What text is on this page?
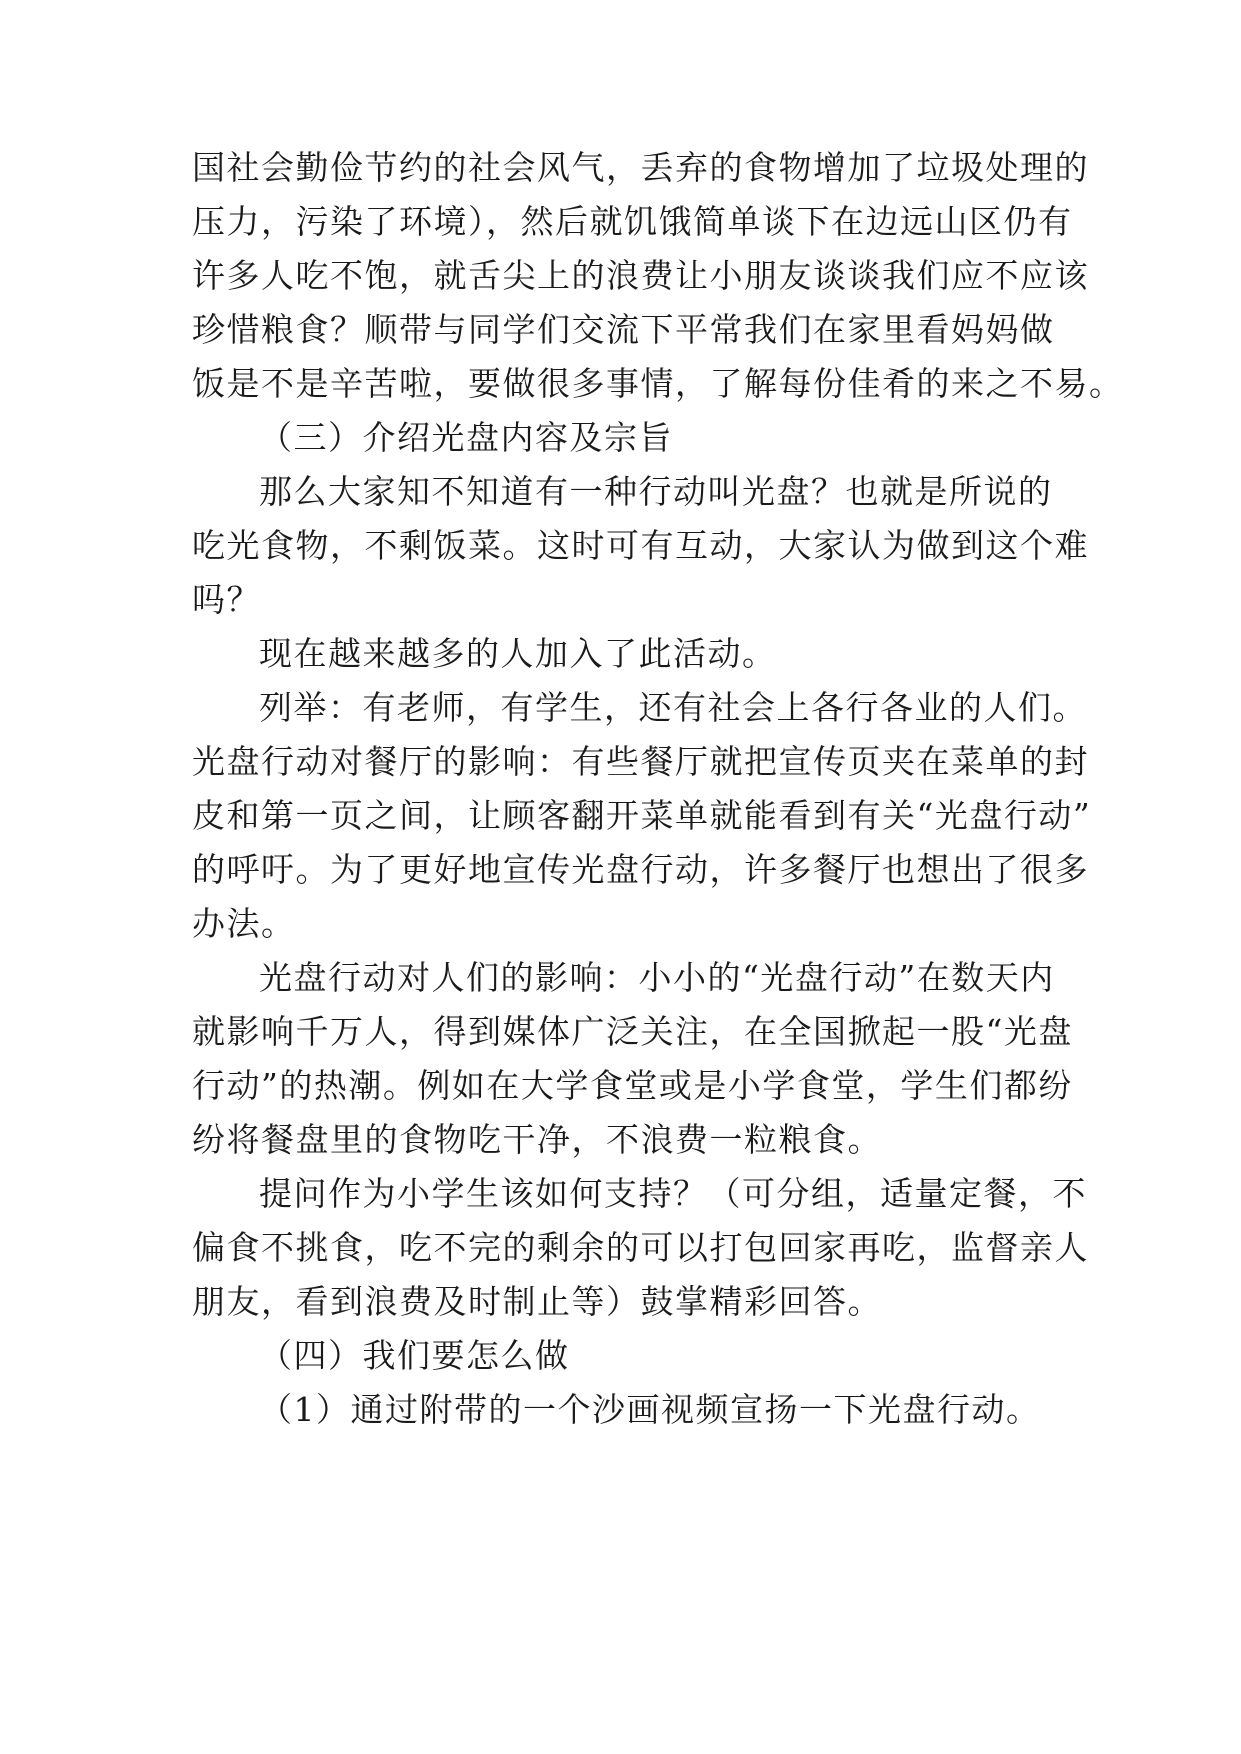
国社会勤俭节约的社会风气，丢弃的食物增加了垃圾处理的

压力，污染了环境），然后就饥饿简单谈下在边远山区仍有

许多人吃不饱，就舌尖上的浪费让小朋友谈谈我们应不应该

珍惜粮食？顺带与同学们交流下平常我们在家里看妈妈做

饭是不是辛苦啦，要做很多事情，了解每份佳肴的来之不易。

（三）介绍光盘内容及宗旨

那么大家知不知道有一种行动叫光盘？也就是所说的

吃光食物，不剩饭菜。这时可有互动，大家认为做到这个难

吗？

现在越来越多的人加入了此活动。

列举：有老师，有学生，还有社会上各行各业的人们。

光盘行动对餐厅的影响：有些餐厅就把宣传页夹在菜单的封

皮和第一页之间，让顾客翻开菜单就能看到有关“光盘行动”

的呼吁。为了更好地宣传光盘行动，许多餐厅也想出了很多

办法。

光盘行动对人们的影响：小小的“光盘行动”在数天内

就影响千万人，得到媒体广泛关注，在全国掀起一股“光盘

行动”的热潮。例如在大学食堂或是小学食堂，学生们都纷

纷将餐盘里的食物吃干净，不浪费一粒粮食。

提问作为小学生该如何支持？（可分组，适量定餐，不

偏食不挑食，吃不完的剩余的可以打包回家再吃，监督亲人

朋友，看到浪费及时制止等）鼓掌精彩回答。

（四）我们要怎么做

（1）通过附带的一个沙画视频宣扬一下光盘行动。
